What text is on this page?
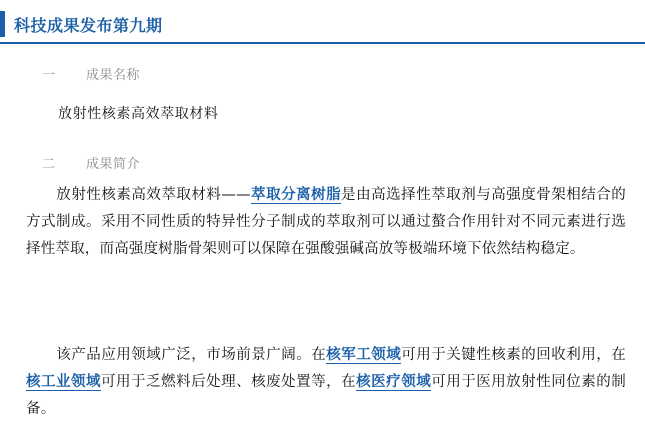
科技成果发布第九期
一 成果名称
放射性核素高效萃取材料
二 成果简介
放射性核素高效萃取材料——萃取分离树脂是由高选择性萃取剂与高强度骨架相结合的方式制成。采用不同性质的特异性分子制成的萃取剂可以通过螯合作用针对不同元素进行选择性萃取，而高强度树脂骨架则可以保障在强酸强碱高放等极端环境下依然结构稳定。
该产品应用领域广泛，市场前景广阔。在核军工领域可用于关键性核素的回收利用，在核工业领域可用于乏燃料后处理、核废处置等，在核医疗领域可用于医用放射性同位素的制备。
